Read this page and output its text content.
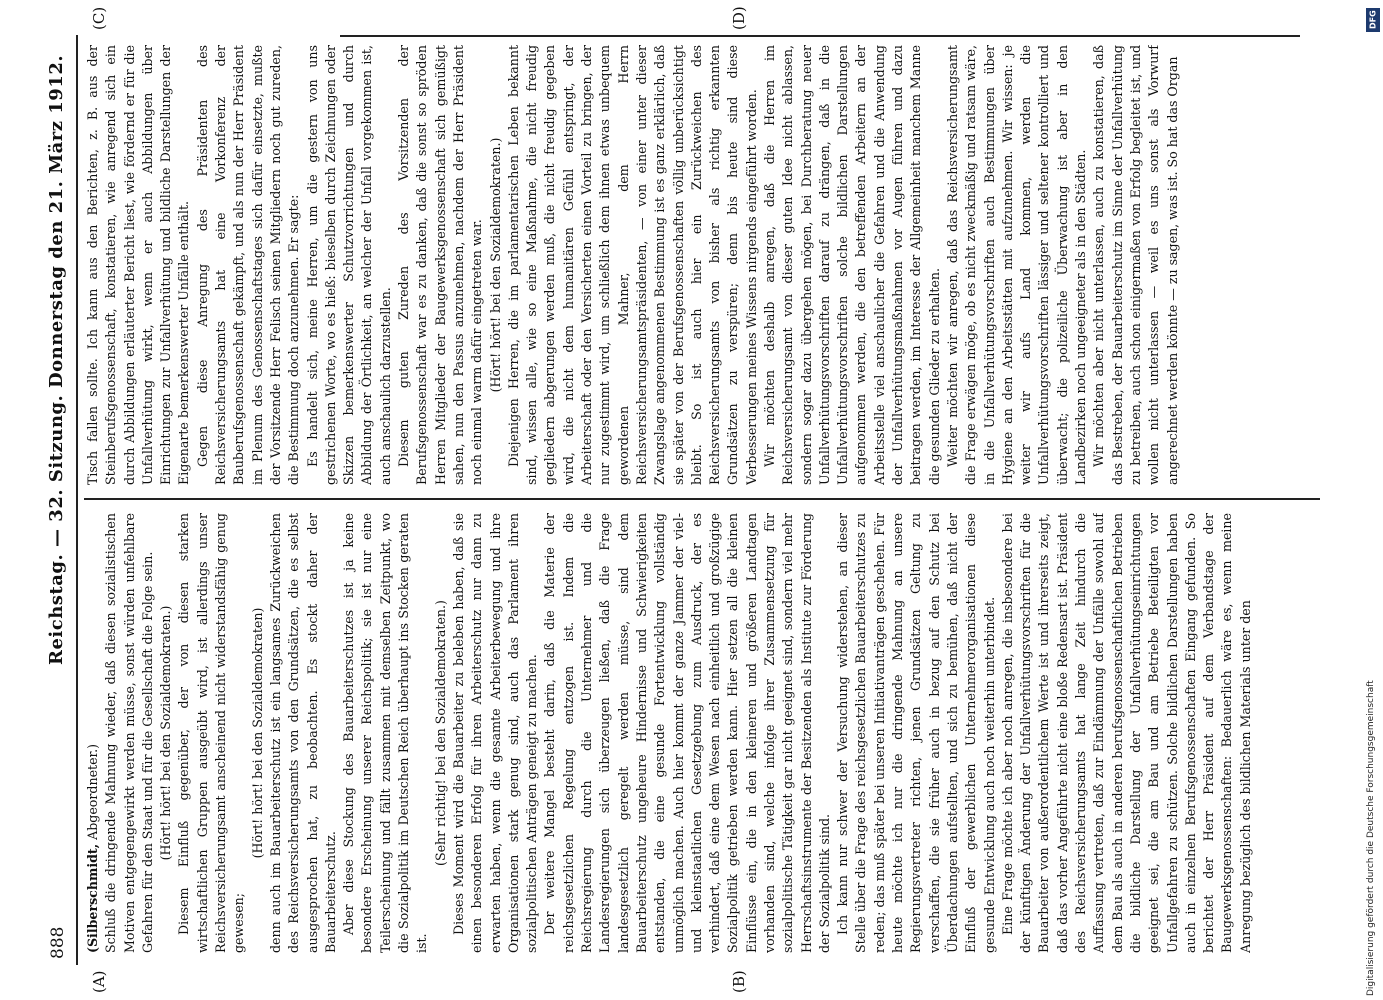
888
Reichstag. — 32. Sitzung. Donnerstag den 21. März 1912.
(A)	(B)
(C)	(D)

(Silberschmidt, Abgeordneter.) Schluß die dringende Mahnung wieder, daß diesen sozialistischen Motiven entgegengewirkt werden müsse, sonst würden unfehlbare Gefahren für den Staat und für die Gesellschaft die Folge sein. (Hört! hört! bei den Sozialdemokraten.) Diesem Einfluß gegenüber, der von diesen starken wirtschaftlichen Gruppen ausgeübt wird, ist allerdings unser Reichsversicherungsamt anscheinend nicht widerstandsfähig genug gewesen;

(Hört! hört! bei den Sozialdemokraten) denn auch im Bauarbeiterschutz ist ein langsames Zurückweichen des Reichsversicherungsamts von den Grundsätzen, die es selbst ausgesprochen hat, zu beobachten. Es stockt daher der Bauarbeiterschutz. Aber diese Stockung des Bauarbeiterschutzes ist ja keine besondere Erscheinung unserer Reichspolitik; sie ist nur eine Teilerscheinung und fällt zusammen mit demselben Zeitpunkt, wo die Sozialpolitik im Deutschen Reich überhaupt ins Stocken geraten ist.

(Sehr richtig! bei den Sozialdemokraten.) Dieses Moment wird die Bauarbeiter zu beleben haben, daß sie einen besonderen Erfolg für ihren Arbeiterschutz nur dann zu erwarten haben, wenn die gesamte Arbeiterbewegung und ihre Organisationen stark genug sind, auch das Parlament ihren sozialpolitischen Anträgen geneigt zu machen. Der weitere Mangel besteht darin, daß die Materie der reichsgesetzlichen Regelung entzogen ist. Indem die Reichsregierung durch die Unternehmer und die Landesregierungen sich überzeugen ließen, daß die Frage landesgesetzlich geregelt werden müsse, sind dem Bauarbeiterschutz ungeheure Hindernisse und Schwierigkeiten entstanden, die eine gesunde Fortentwicklung vollständig unmöglich machen. Auch hier kommt der ganze Jammer der viel- und kleinstaatlichen Gesetzgebung zum Ausdruck, der es verhindert, daß eine dem Wesen nach einheitlich und großzügige Sozialpolitik getrieben werden kann. Hier setzen all die kleinen Einflüsse ein, die in den kleineren und größeren Landtagen vorhanden sind, welche infolge ihrer Zusammensetzung für sozialpolitische Tätigkeit gar nicht geeignet sind, sondern viel mehr Herrschaftsinstrumente der Besitzenden als Institute zur Förderung der Sozialpolitik sind. Ich kann nur schwer der Versuchung widerstehen, an dieser Stelle über die Frage des reichsgesetzlichen Bauarbeiterschutzes zu reden; das muß später bei unseren Initiativanträgen geschehen. Für heute möchte ich nur die dringende Mahnung an unsere Regierungsvertreter richten, jenen Grundsätzen Geltung zu verschaffen, die sie früher auch in bezug auf den Schutz bei Überdachungen aufstellten, und sich zu bemühen, daß nicht der Einfluß der gewerblichen Unternehmerorganisationen diese gesunde Entwicklung auch noch weiterhin unterbindet. Eine Frage möchte ich aber noch anregen, die insbesondere bei der künftigen Änderung der Unfallverhütungsvorschriften für die Bauarbeiter von außerordentlichem Werte ist und ihrerseits zeigt, daß das vorher Angeführte nicht eine bloße Redensart ist. Präsident des Reichsversicherungsamts hat lange Zeit hindurch die Auffassung vertreten, daß zur Eindämmung der Unfälle sowohl auf dem Bau als auch in anderen berufsgenossenschaftlichen Betrieben die bildliche Darstellung der Unfallverhütungseinrichtungen geeignet sei, die am Bau und am Betriebe Beteiligten vor Unfallgefahren zu schützen. Solche bildlichen Darstellungen haben auch in einzelnen Berufsgenossenschaften Eingang gefunden. So berichtet der Herr Präsident auf dem Verbandstage der Baugewerksgenossenschaften: Bedauerlich wäre es, wenn meine Anregung bezüglich des bildlichen Materials unter den

Tisch fallen sollte. Ich kann aus den Berichten, z. B. aus der Steinberufsgenossenschaft, konstatieren, wie anregend sich ein durch Abbildungen erläuterter Bericht liest, wie fördernd er für die Unfallverhütung wirkt, wenn er auch Abbildungen über Einrichtungen zur Unfallverhütung und bildliche Darstellungen der Eigenarte bemerkenswerter Unfälle enthält. Gegen diese Anregung des Präsidenten des Reichsversicherungsamts hat eine Vorkonferenz der Bauberufsgenossenschaft gekämpft, und als nun der Herr Präsident im Plenum des Genossenschaftstages sich dafür einsetzte, mußte der Vorsitzende Herr Felisch seinen Mitgliedern noch gut zureden, die Bestimmung doch anzunehmen. Er sagte: Es handelt sich, meine Herren, um die gestern von uns gestrichenen Worte, wo es hieß: bieselben durch Zeichnungen oder Skizzen bemerkenswerter Schutzvorrichtungen und durch Abbildung der Örtlichkeit, an welcher der Unfall vorgekommen ist, auch anschaulich darzustellen. Diesem guten Zureden des Vorsitzenden der Berufsgenossenschaft war es zu danken, daß die sonst so spröden Herren Mitglieder der Baugewerksgenossenschaft sich gemüßigt sahen, nun den Passus anzunehmen, nachdem der Herr Präsident noch einmal warm dafür eingetreten war. (Hört! hört! bei den Sozialdemokraten.) Diejenigen Herren, die im parlamentarischen Leben bekannt sind, wissen alle, wie so eine Maßnahme, die nicht freudig gegliedern abgerungen werden muß, die nicht freudig gegeben wird, die nicht dem humanitären Gefühl entspringt, der Arbeiterschaft oder den Versicherten einen Vorteil zu bringen, der nur zugestimmt wird, um schließlich dem ihnen etwas unbequem gewordenen Mahner, dem Herrn Reichsversicherungsamtspräsidenten, — von einer unter dieser Zwangslage angenommenen Bestimmung ist es ganz erklärlich, daß sie später von der Berufsgenossenschaften völlig unberücksichtigt bleibt. So ist auch hier ein Zurückweichen des Reichsversicherungsamts von bisher als richtig erkannten Grundsätzen zu verspüren; denn bis heute sind diese Verbesserungen meines Wissens nirgends eingeführt worden. Wir möchten deshalb anregen, daß die Herren im Reichsversicherungsamt von dieser guten Idee nicht ablassen, sondern sogar dazu übergehen mögen, bei Durchberatung neuer Unfallverhütungsvorschriften darauf zu drängen, daß in die Unfallverhütungsvorschriften solche bildlichen Darstellungen aufgenommen werden, die den betreffenden Arbeitern an der Arbeitsstelle viel anschaulicher die Gefahren und die Anwendung der Unfallverhütungsmaßnahmen vor Augen führen und dazu beitragen werden, im Interesse der Allgemeinheit manchem Manne die gesunden Glieder zu erhalten. Weiter möchten wir anregen, daß das Reichsversicherungsamt die Frage erwägen möge, ob es nicht zweckmäßig und ratsam wäre, in die Unfallverhütungsvorschriften auch Bestimmungen über Hygiene an den Arbeitsstätten mit aufzunehmen. Wir wissen: je weiter wir aufs Land kommen, werden die Unfallverhütungsvorschriften lässiger und seltener kontrolliert und überwacht; die polizeiliche Überwachung ist aber in den Landbezirken noch ungeeigneter als in den Städten. Wir möchten aber nicht unterlassen, auch zu konstatieren, daß das Bestreben, der Bauarbeiterschutz im Sinne der Unfallverhütung zu betreiben, auch schon einigermaßen von Erfolg begleitet ist, und wollen nicht unterlassen — weil es uns sonst als Vorwurf angerechnet werden könnte — zu sagen, was ist. So hat das Organ

DFG
Digitalisierung gefördert durch die Deutsche Forschungsgemeinschaft
